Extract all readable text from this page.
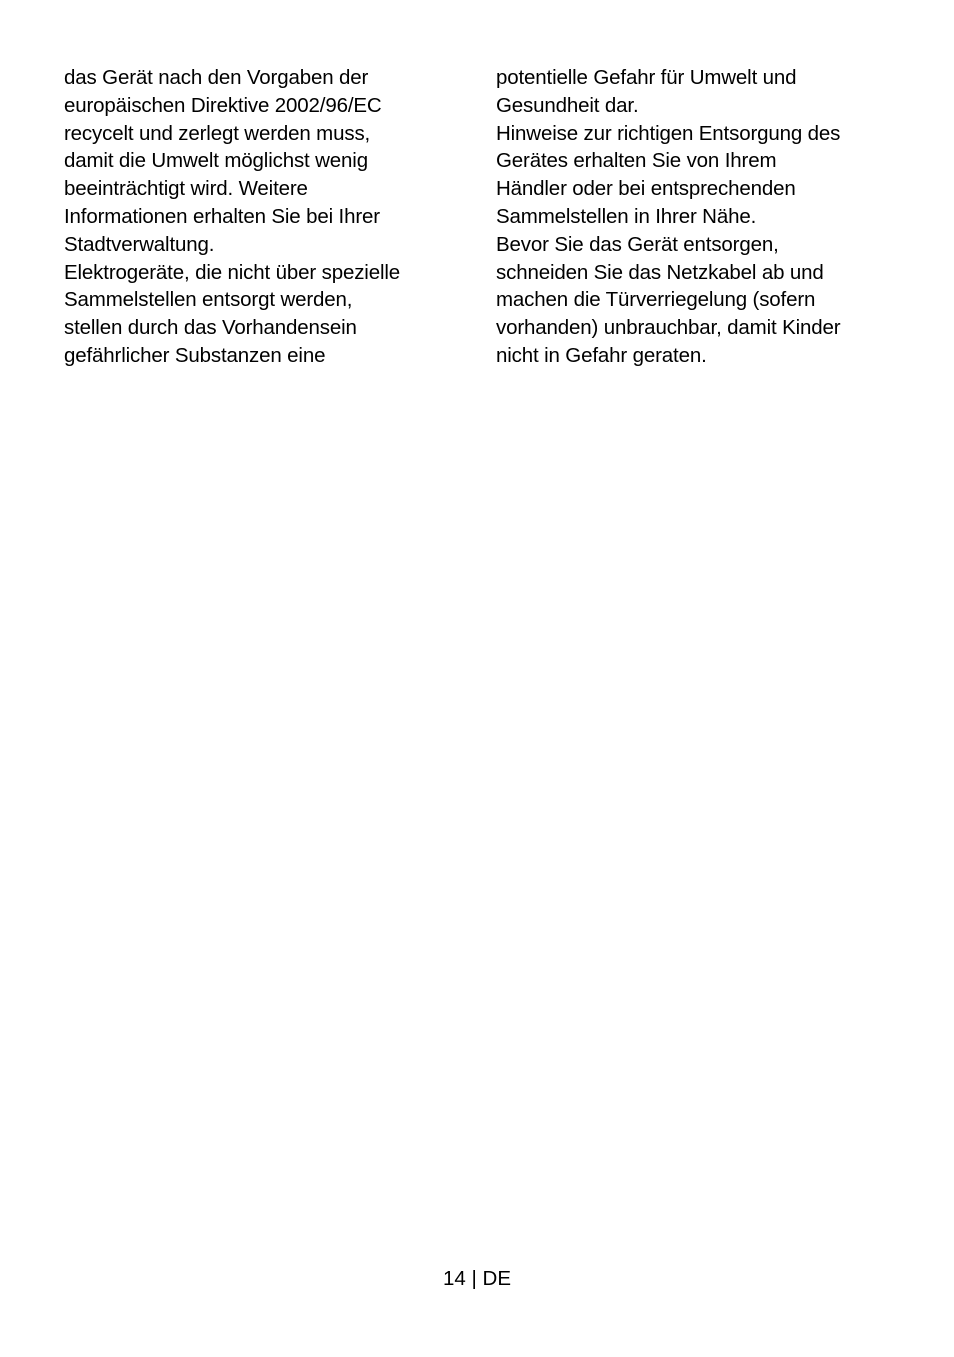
das Gerät nach den Vorgaben der
europäischen Direktive 2002/96/EC
recycelt und zerlegt werden muss,
damit die Umwelt möglichst wenig
beeinträchtigt wird. Weitere
Informationen erhalten Sie bei Ihrer
Stadtverwaltung.
Elektrogeräte, die nicht über spezielle
Sammelstellen entsorgt werden,
stellen durch das Vorhandensein
gefährlicher Substanzen eine
potentielle Gefahr für Umwelt und
Gesundheit dar.
Hinweise zur richtigen Entsorgung des
Gerätes erhalten Sie von Ihrem
Händler oder bei entsprechenden
Sammelstellen in Ihrer Nähe.
Bevor Sie das Gerät entsorgen,
schneiden Sie das Netzkabel ab und
machen die Türverriegelung (sofern
vorhanden) unbrauchbar, damit Kinder
nicht in Gefahr geraten.
14 | DE
